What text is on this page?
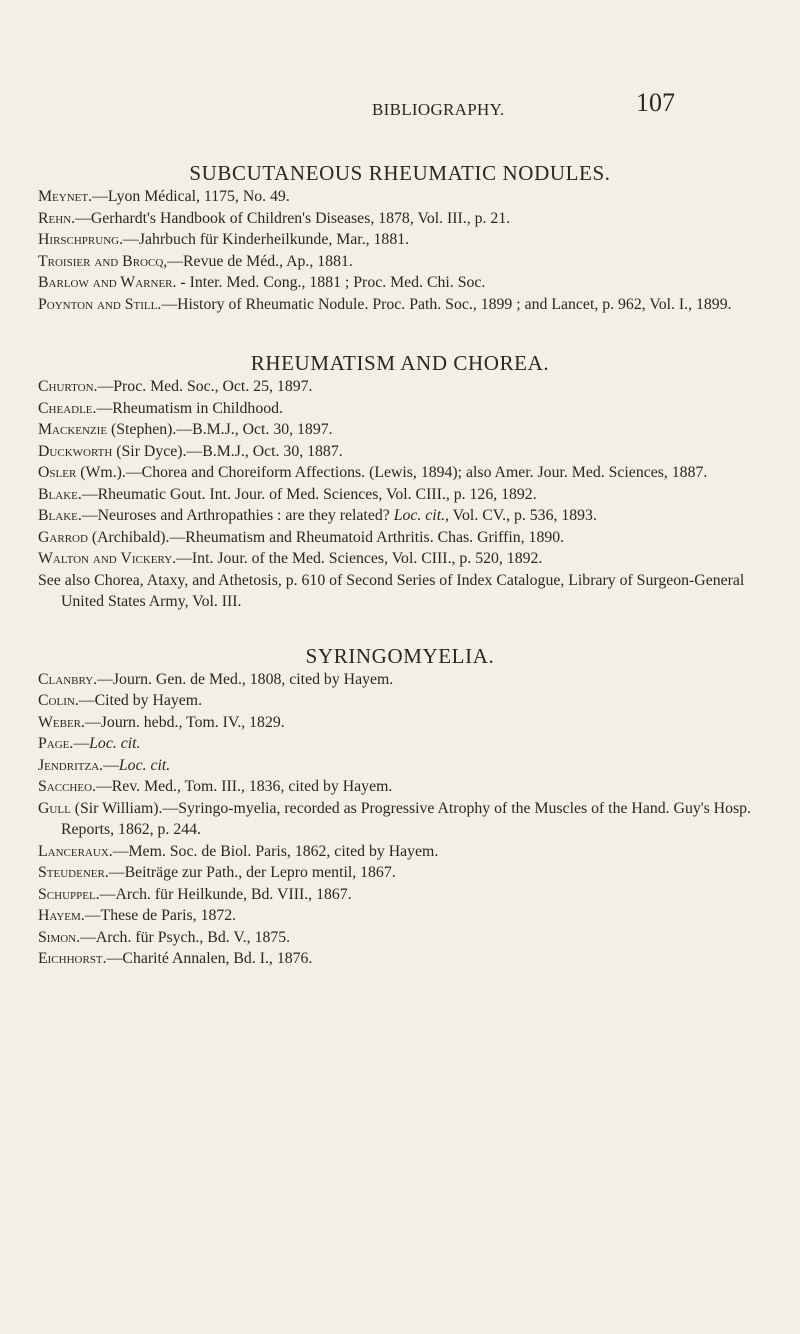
BIBLIOGRAPHY.	107
SUBCUTANEOUS RHEUMATIC NODULES.
Meynet.—Lyon Médical, 1175, No. 49.
Rehn.—Gerhardt's Handbook of Children's Diseases, 1878, Vol. III., p. 21.
Hirschprung.—Jahrbuch für Kinderheilkunde, Mar., 1881.
Troisier and Brocq,—Revue de Méd., Ap., 1881.
Barlow and Warner. - Inter. Med. Cong., 1881 ; Proc. Med. Chi. Soc.
Poynton and Still.—History of Rheumatic Nodule. Proc. Path. Soc., 1899 ; and Lancet, p. 962, Vol. I., 1899.
RHEUMATISM AND CHOREA.
Churton.—Proc. Med. Soc., Oct. 25, 1897.
Cheadle.—Rheumatism in Childhood.
Mackenzie (Stephen).—B.M.J., Oct. 30, 1897.
Duckworth (Sir Dyce).—B.M.J., Oct. 30, 1887.
Osler (Wm.).—Chorea and Choreiform Affections. (Lewis, 1894); also Amer. Jour. Med. Sciences, 1887.
Blake.—Rheumatic Gout. Int. Jour. of Med. Sciences, Vol. CIII., p. 126, 1892.
Blake.—Neuroses and Arthropathies : are they related? Loc. cit., Vol. CV., p. 536, 1893.
Garrod (Archibald).—Rheumatism and Rheumatoid Arthritis. Chas. Griffin, 1890.
Walton and Vickery.—Int. Jour. of the Med. Sciences, Vol. CIII., p. 520, 1892.
See also Chorea, Ataxy, and Athetosis, p. 610 of Second Series of Index Catalogue, Library of Surgeon-General United States Army, Vol. III.
SYRINGOMYELIA.
Clanbry.—Journ. Gen. de Med., 1808, cited by Hayem.
Colin.—Cited by Hayem.
Weber.—Journ. hebd., Tom. IV., 1829.
Page.—Loc. cit.
Jendritza.—Loc. cit.
Saccheo.—Rev. Med., Tom. III., 1836, cited by Hayem.
Gull (Sir William).—Syringo-myelia, recorded as Progressive Atrophy of the Muscles of the Hand. Guy's Hosp. Reports, 1862, p. 244.
Lanceraux.—Mem. Soc. de Biol. Paris, 1862, cited by Hayem.
Steudener.—Beiträge zur Path., der Lepro mentil, 1867.
Schuppel.—Arch. für Heilkunde, Bd. VIII., 1867.
Hayem.—These de Paris, 1872.
Simon.—Arch. für Psych., Bd. V., 1875.
Eichhorst.—Charité Annalen, Bd. I., 1876.
